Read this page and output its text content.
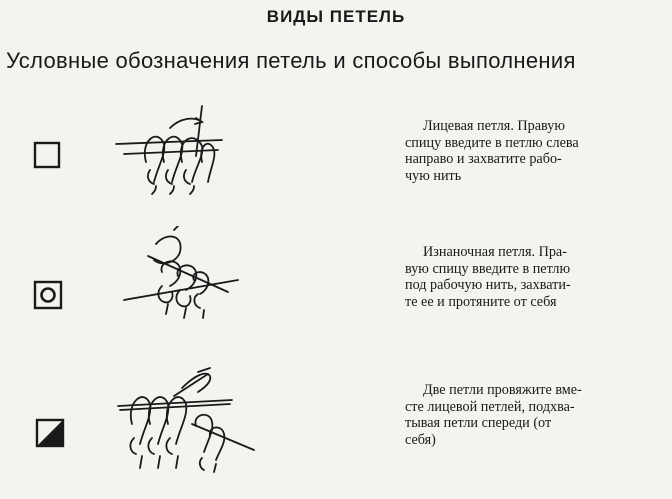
ВИДЫ ПЕТЕЛЬ
Условные обозначения петель и способы выполнения
Лицевая петля. Правую
спицу введите в петлю слева
направо и захватите рабо-
чую нить
Изнаночная петля. Пра-
вую спицу введите в петлю
под рабочую нить, захвати-
те ее и протяните от себя
Две петли провяжите вме-
сте лицевой петлей, подхва-
тывая петли спереди (от
себя)
